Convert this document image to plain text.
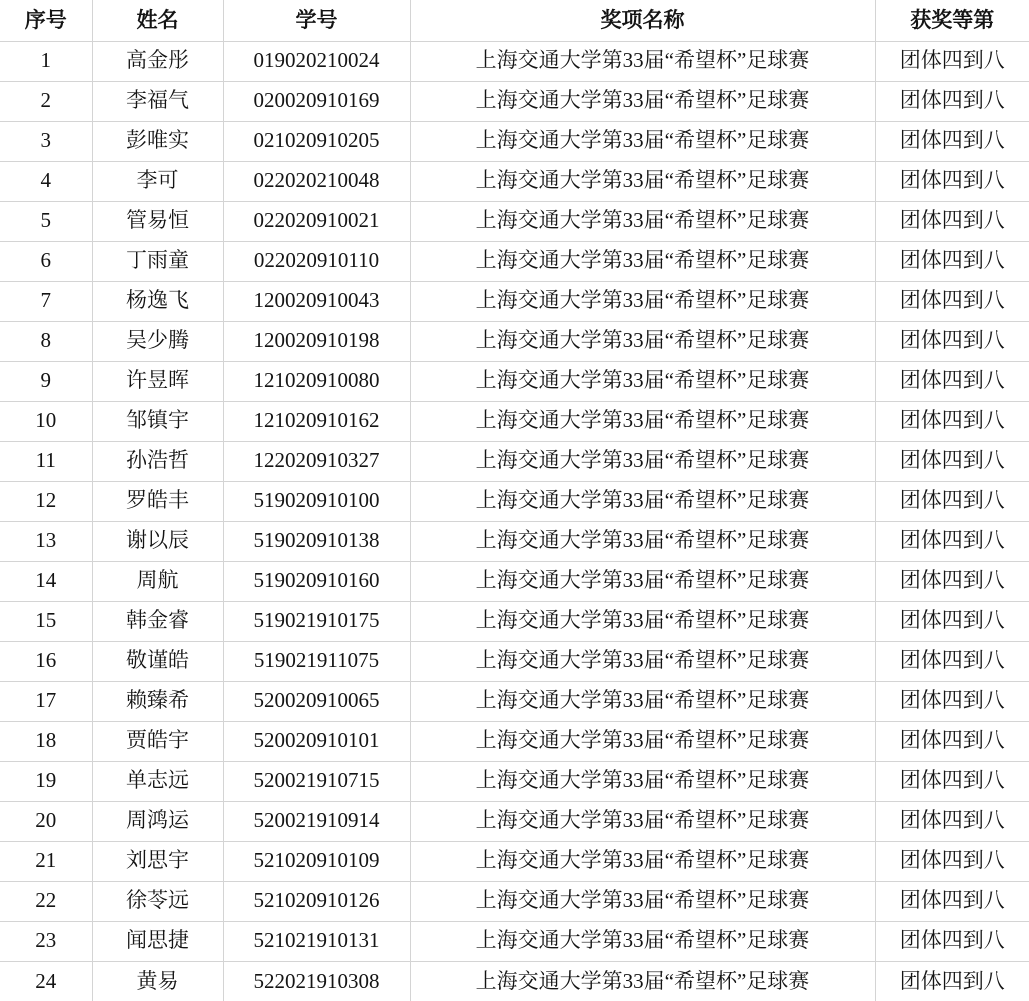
序号	姓名	学号	奖项名称	获奖等第
1	高金彤	019020210024	上海交通大学第33届“希望杯”足球赛	团体四到八
2	李福气	020020910169	上海交通大学第33届“希望杯”足球赛	团体四到八
3	彭唯实	021020910205	上海交通大学第33届“希望杯”足球赛	团体四到八
4	李可	022020210048	上海交通大学第33届“希望杯”足球赛	团体四到八
5	管易恒	022020910021	上海交通大学第33届“希望杯”足球赛	团体四到八
6	丁雨童	022020910110	上海交通大学第33届“希望杯”足球赛	团体四到八
7	杨逸飞	120020910043	上海交通大学第33届“希望杯”足球赛	团体四到八
8	吴少腾	120020910198	上海交通大学第33届“希望杯”足球赛	团体四到八
9	许昱晖	121020910080	上海交通大学第33届“希望杯”足球赛	团体四到八
10	邹镇宇	121020910162	上海交通大学第33届“希望杯”足球赛	团体四到八
11	孙浩哲	122020910327	上海交通大学第33届“希望杯”足球赛	团体四到八
12	罗皓丰	519020910100	上海交通大学第33届“希望杯”足球赛	团体四到八
13	谢以辰	519020910138	上海交通大学第33届“希望杯”足球赛	团体四到八
14	周航	519020910160	上海交通大学第33届“希望杯”足球赛	团体四到八
15	韩金睿	519021910175	上海交通大学第33届“希望杯”足球赛	团体四到八
16	敬谨皓	519021911075	上海交通大学第33届“希望杯”足球赛	团体四到八
17	赖臻希	520020910065	上海交通大学第33届“希望杯”足球赛	团体四到八
18	贾皓宇	520020910101	上海交通大学第33届“希望杯”足球赛	团体四到八
19	单志远	520021910715	上海交通大学第33届“希望杯”足球赛	团体四到八
20	周鸿运	520021910914	上海交通大学第33届“希望杯”足球赛	团体四到八
21	刘思宇	521020910109	上海交通大学第33届“希望杯”足球赛	团体四到八
22	徐苓远	521020910126	上海交通大学第33届“希望杯”足球赛	团体四到八
23	闻思捷	521021910131	上海交通大学第33届“希望杯”足球赛	团体四到八
24	黄易	522021910308	上海交通大学第33届“希望杯”足球赛	团体四到八
